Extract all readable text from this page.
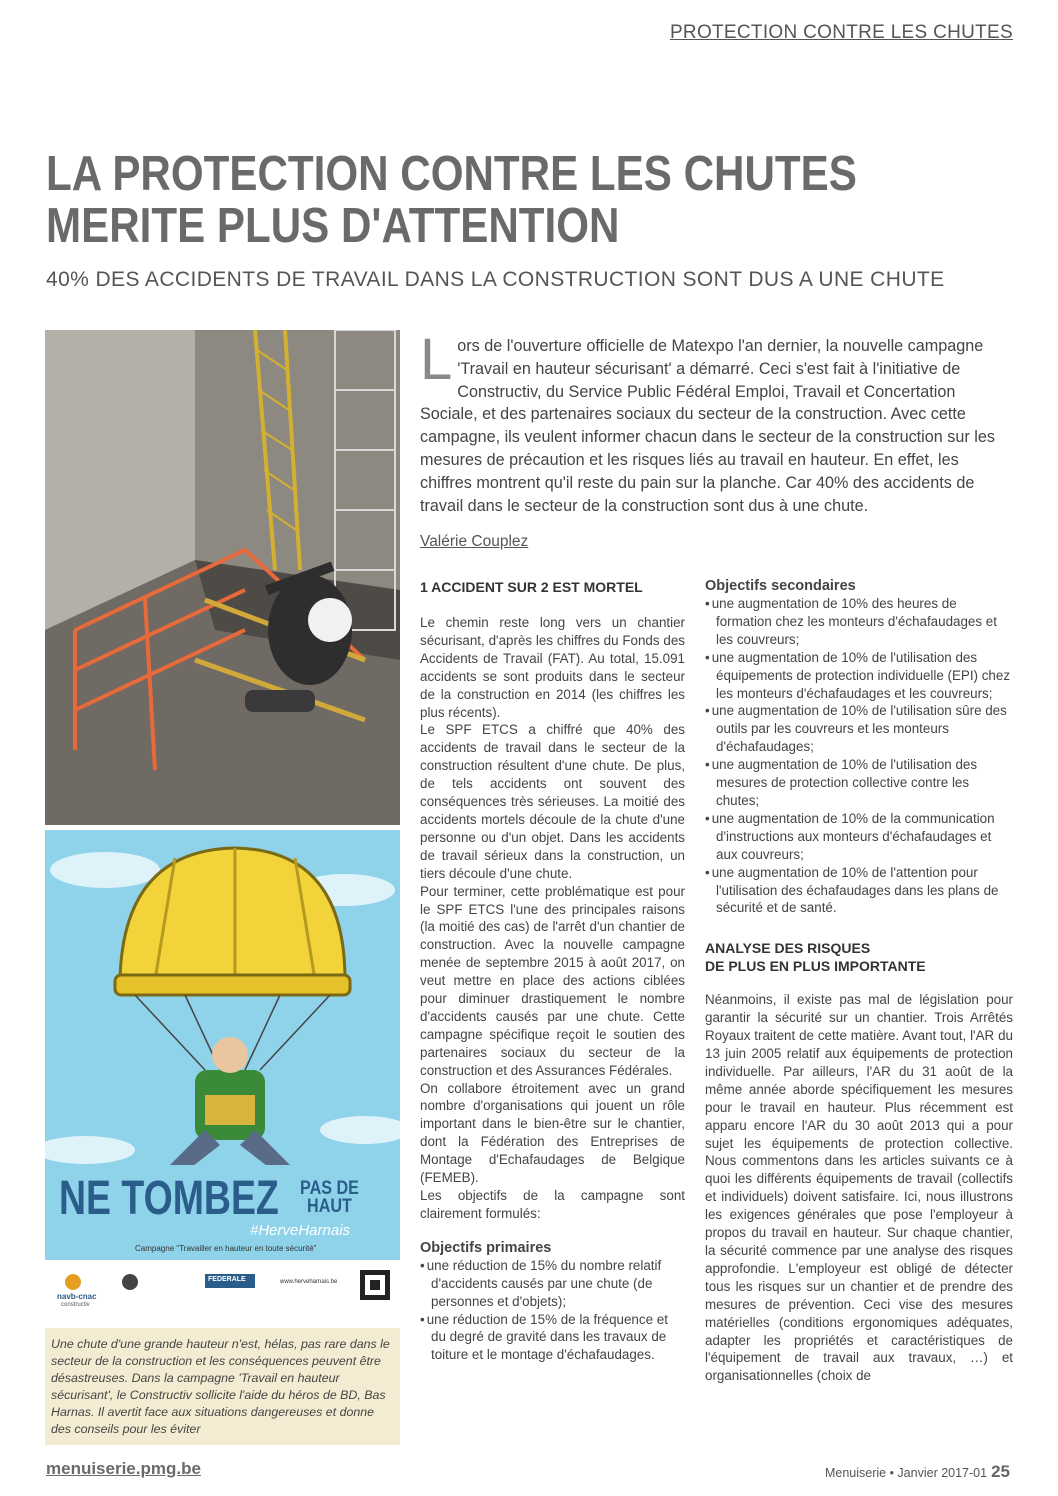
PROTECTION CONTRE LES CHUTES
LA PROTECTION CONTRE LES CHUTES
MERITE PLUS D'ATTENTION
40% DES ACCIDENTS DE TRAVAIL DANS LA CONSTRUCTION SONT DUS A UNE CHUTE
NE TOMBEZ PAS DE
HAUT
#HerveHarnais
Campagne "Travailler en hauteur en toute sécurité"
navb-cnac
constructiv
FEDERALE	www.herveharnais.be
Une chute d'une grande hauteur n'est, hélas, pas rare dans le secteur de la construction et les conséquences peuvent être désastreuses. Dans la campagne 'Travail en hauteur sécurisant', le Constructiv sollicite l'aide du héros de BD, Bas Harnas. Il avertit face aux situations dangereuses et donne des conseils pour les éviter
Lors de l'ouverture officielle de Matexpo l'an dernier, la nouvelle campagne 'Travail en hauteur sécurisant' a démarré. Ceci s'est fait à l'initiative de Constructiv, du Service Public Fédéral Emploi, Travail et Concertation Sociale, et des partenaires sociaux du secteur de la construction. Avec cette campagne, ils veulent informer chacun dans le secteur de la construction sur les mesures de précaution et les risques liés au travail en hauteur. En effet, les chiffres montrent qu'il reste du pain sur la planche. Car 40% des accidents de travail dans le secteur de la construction sont dus à une chute.
Valérie Couplez
1 ACCIDENT SUR 2 EST MORTEL

Le chemin reste long vers un chantier sécurisant, d'après les chiffres du Fonds des Accidents de Travail (FAT). Au total, 15.091 accidents se sont produits dans le secteur de la construction en 2014 (les chiffres les plus récents).

Le SPF ETCS a chiffré que 40% des accidents de travail dans le secteur de la construction résultent d'une chute. De plus, de tels accidents ont souvent des conséquences très sérieuses. La moitié des accidents mortels découle de la chute d'une personne ou d'un objet. Dans les accidents de travail sérieux dans la construction, un tiers découle d'une chute.

Pour terminer, cette problématique est pour le SPF ETCS l'une des principales raisons (la moitié des cas) de l'arrêt d'un chantier de construction. Avec la nouvelle campagne menée de septembre 2015 à août 2017, on veut mettre en place des actions ciblées pour diminuer drastiquement le nombre d'accidents causés par une chute. Cette campagne spécifique reçoit le soutien des partenaires sociaux du secteur de la construction et des Assurances Fédérales.

On collabore étroitement avec un grand nombre d'organisations qui jouent un rôle important dans le bien-être sur le chantier, dont la Fédération des Entreprises de Montage d'Echafaudages de Belgique (FEMEB).

Les objectifs de la campagne sont clairement formulés:

Objectifs primaires
• une réduction de 15% du nombre relatif d'accidents causés par une chute (de personnes et d'objets);
• une réduction de 15% de la fréquence et du degré de gravité dans les travaux de toiture et le montage d'échafaudages.
Objectifs secondaires
• une augmentation de 10% des heures de formation chez les monteurs d'échafaudages et les couvreurs;
• une augmentation de 10% de l'utilisation des équipements de protection individuelle (EPI) chez les monteurs d'échafaudages et les couvreurs;
• une augmentation de 10% de l'utilisation sûre des outils par les couvreurs et les monteurs d'échafaudages;
• une augmentation de 10% de l'utilisation des mesures de protection collective contre les chutes;
• une augmentation de 10% de la communication d'instructions aux monteurs d'échafaudages et aux couvreurs;
• une augmentation de 10% de l'attention pour l'utilisation des échafaudages dans les plans de sécurité et de santé.
ANALYSE DES RISQUES
DE PLUS EN PLUS IMPORTANTE

Néanmoins, il existe pas mal de législation pour garantir la sécurité sur un chantier. Trois Arrêtés Royaux traitent de cette matière. Avant tout, l'AR du 13 juin 2005 relatif aux équipements de protection individuelle. Par ailleurs, l'AR du 31 août de la même année aborde spécifiquement les mesures pour le travail en hauteur. Plus récemment est apparu encore l'AR du 30 août 2013 qui a pour sujet les équipements de protection collective. Nous commentons dans les articles suivants ce à quoi les différents équipements de travail (collectifs et individuels) doivent satisfaire. Ici, nous illustrons les exigences générales que pose l'employeur à propos du travail en hauteur. Sur chaque chantier, la sécurité commence par une analyse des risques approfondie. L'employeur est obligé de détecter tous les risques sur un chantier et de prendre des mesures de prévention. Ceci vise des mesures matérielles (conditions ergonomiques adéquates, adapter les propriétés et caractéristiques de l'équipement de travail aux travaux, …) et organisationnelles (choix de

menuiserie.pmg.be	Menuiserie • Janvier 2017-01 25
